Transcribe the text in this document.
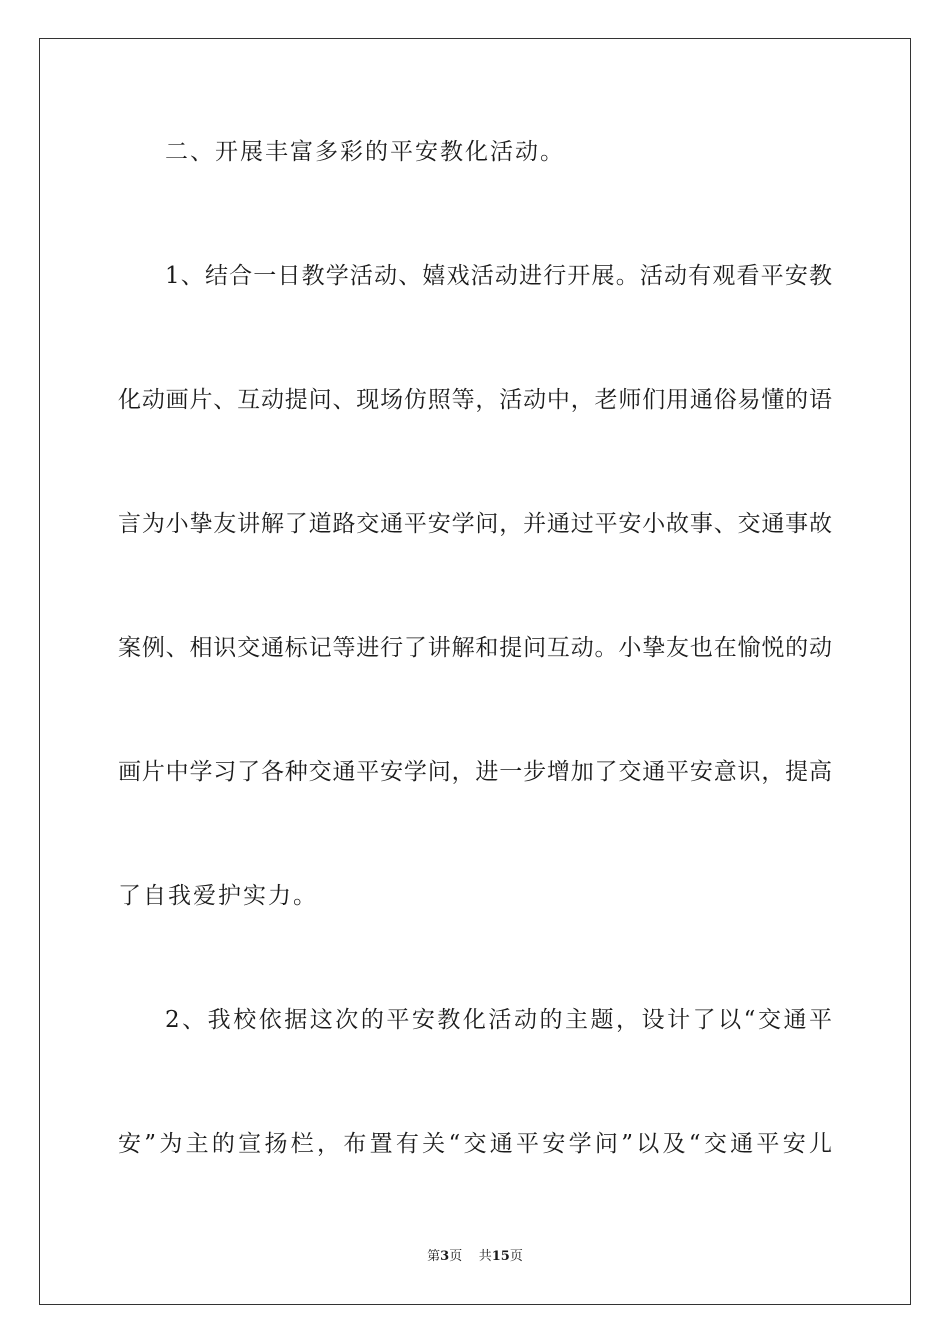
二、开展丰富多彩的平安教化活动。
1、结合一日教学活动、嬉戏活动进行开展。活动有观看平安教
化动画片、互动提问、现场仿照等，活动中，老师们用通俗易懂的语
言为小挚友讲解了道路交通平安学问，并通过平安小故事、交通事故
案例、相识交通标记等进行了讲解和提问互动。小挚友也在愉悦的动
画片中学习了各种交通平安学问，进一步增加了交通平安意识，提高
了自我爱护实力。
2、我校依据这次的平安教化活动的主题，设计了以“交通平
安”为主的宣扬栏，布置有关“交通平安学问”以及“交通平安儿
第3页 共15页
